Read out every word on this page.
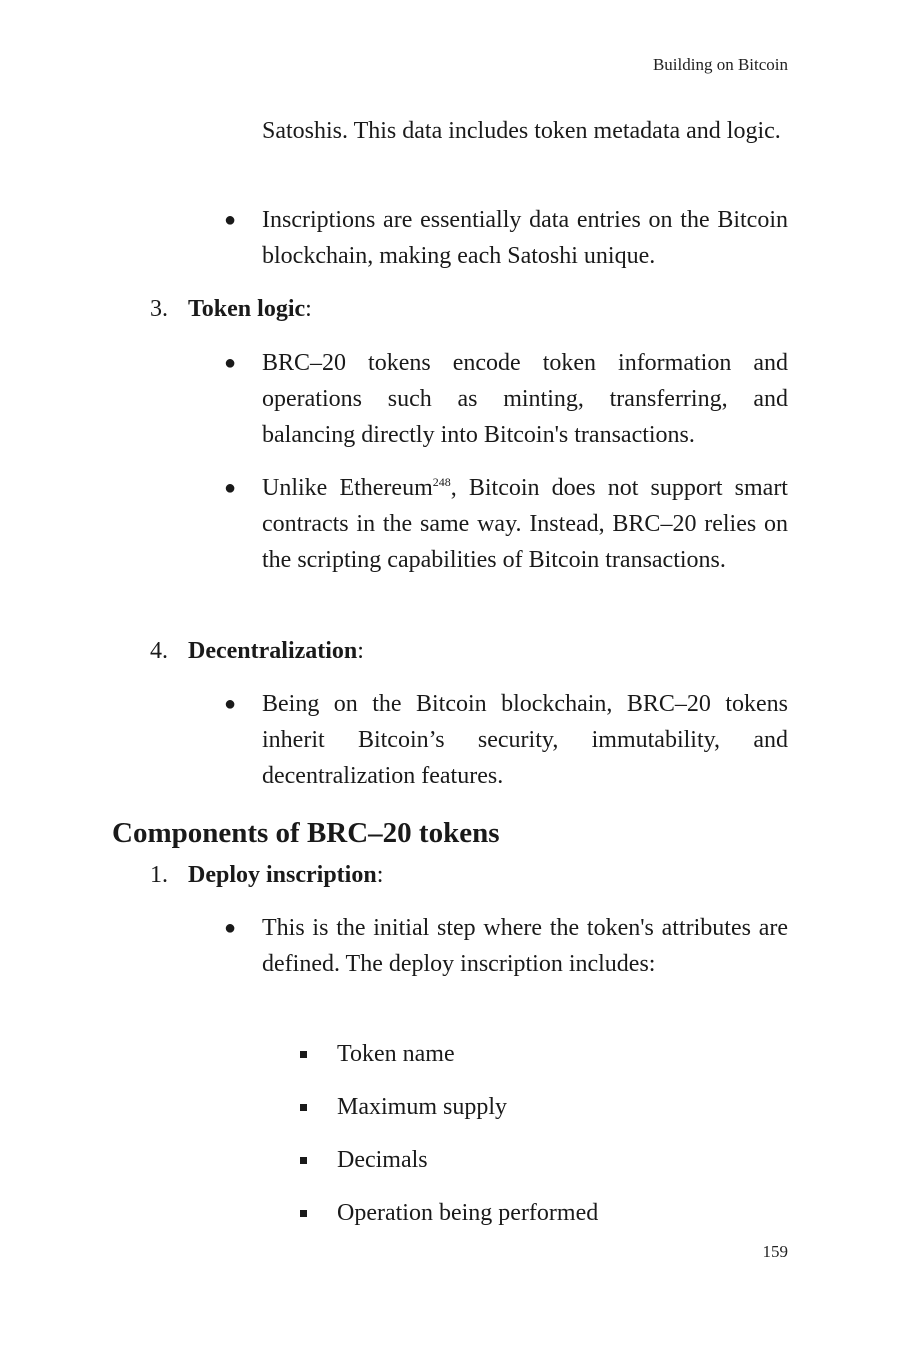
Building on Bitcoin
Satoshis. This data includes token metadata and logic.
● Inscriptions are essentially data entries on the Bitcoin blockchain, making each Satoshi unique.
3. Token logic:
● BRC–20 tokens encode token information and operations such as minting, transferring, and balancing directly into Bitcoin's transactions.
● Unlike Ethereum$^{248}$, Bitcoin does not support smart contracts in the same way. Instead, BRC–20 relies on the scripting capabilities of Bitcoin transactions.
4. Decentralization:
● Being on the Bitcoin blockchain, BRC–20 tokens inherit Bitcoin’s security, immutability, and decentralization features.
Components of BRC–20 tokens
1. Deploy inscription:
● This is the initial step where the token's attributes are defined. The deploy inscription includes:
Token name
Maximum supply
Decimals
Operation being performed
159
